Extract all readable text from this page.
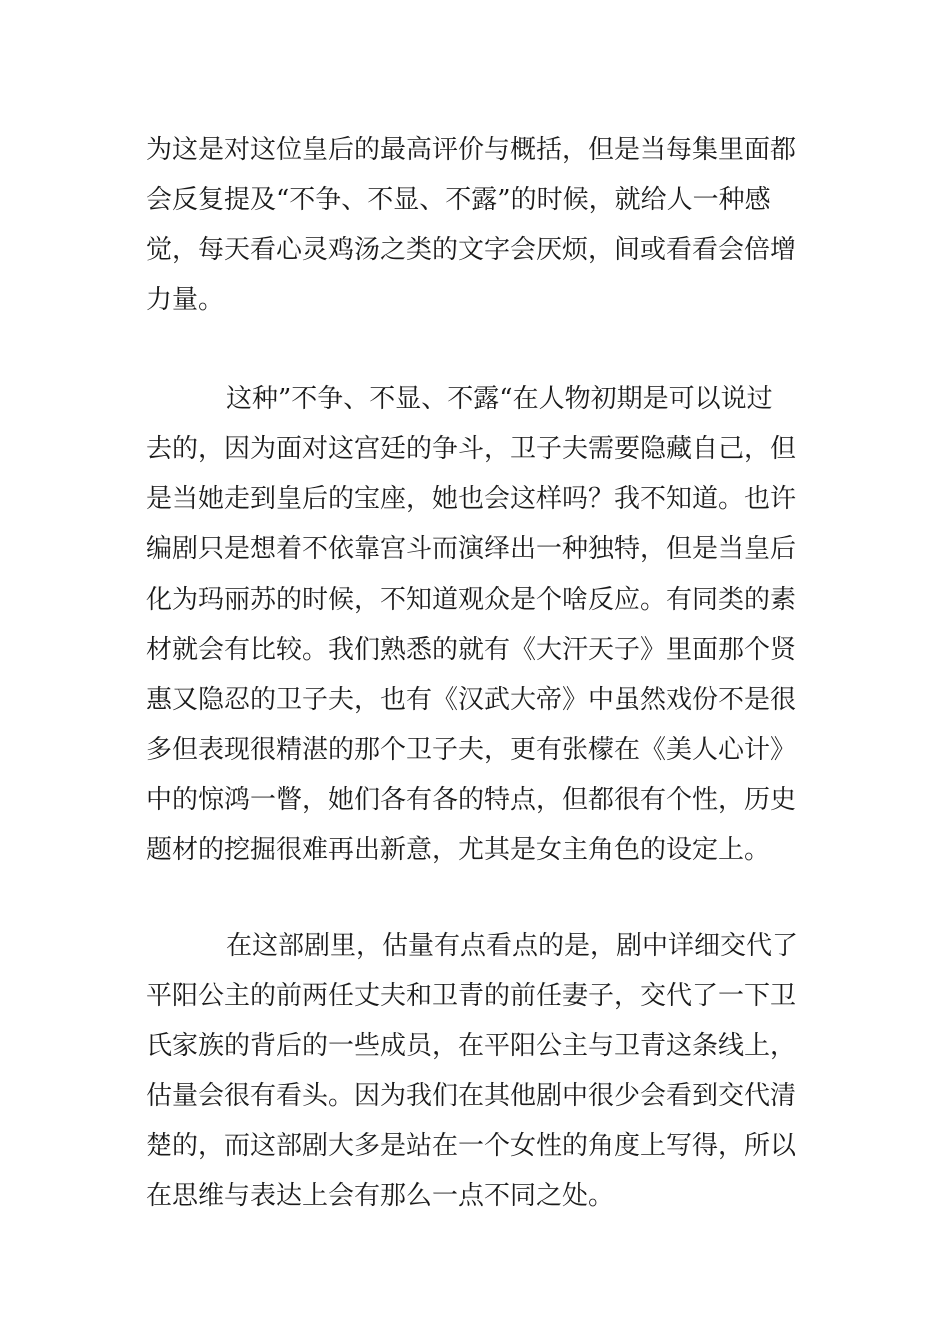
为这是对这位皇后的最高评价与概括，但是当每集里面都
会反复提及“不争、不显、不露”的时候，就给人一种感
觉，每天看心灵鸡汤之类的文字会厌烦，间或看看会倍增
力量。
这种”不争、不显、不露“在人物初期是可以说过
去的，因为面对这宫廷的争斗，卫子夫需要隐藏自己，但
是当她走到皇后的宝座，她也会这样吗？我不知道。也许
编剧只是想着不依靠宫斗而演绎出一种独特，但是当皇后
化为玛丽苏的时候，不知道观众是个啥反应。有同类的素
材就会有比较。我们熟悉的就有《大汗天子》里面那个贤
惠又隐忍的卫子夫，也有《汉武大帝》中虽然戏份不是很
多但表现很精湛的那个卫子夫，更有张檬在《美人心计》
中的惊鸿一瞥，她们各有各的特点，但都很有个性，历史
题材的挖掘很难再出新意，尤其是女主角色的设定上。
在这部剧里，估量有点看点的是，剧中详细交代了
平阳公主的前两任丈夫和卫青的前任妻子，交代了一下卫
氏家族的背后的一些成员，在平阳公主与卫青这条线上，
估量会很有看头。因为我们在其他剧中很少会看到交代清
楚的，而这部剧大多是站在一个女性的角度上写得，所以
在思维与表达上会有那么一点不同之处。
